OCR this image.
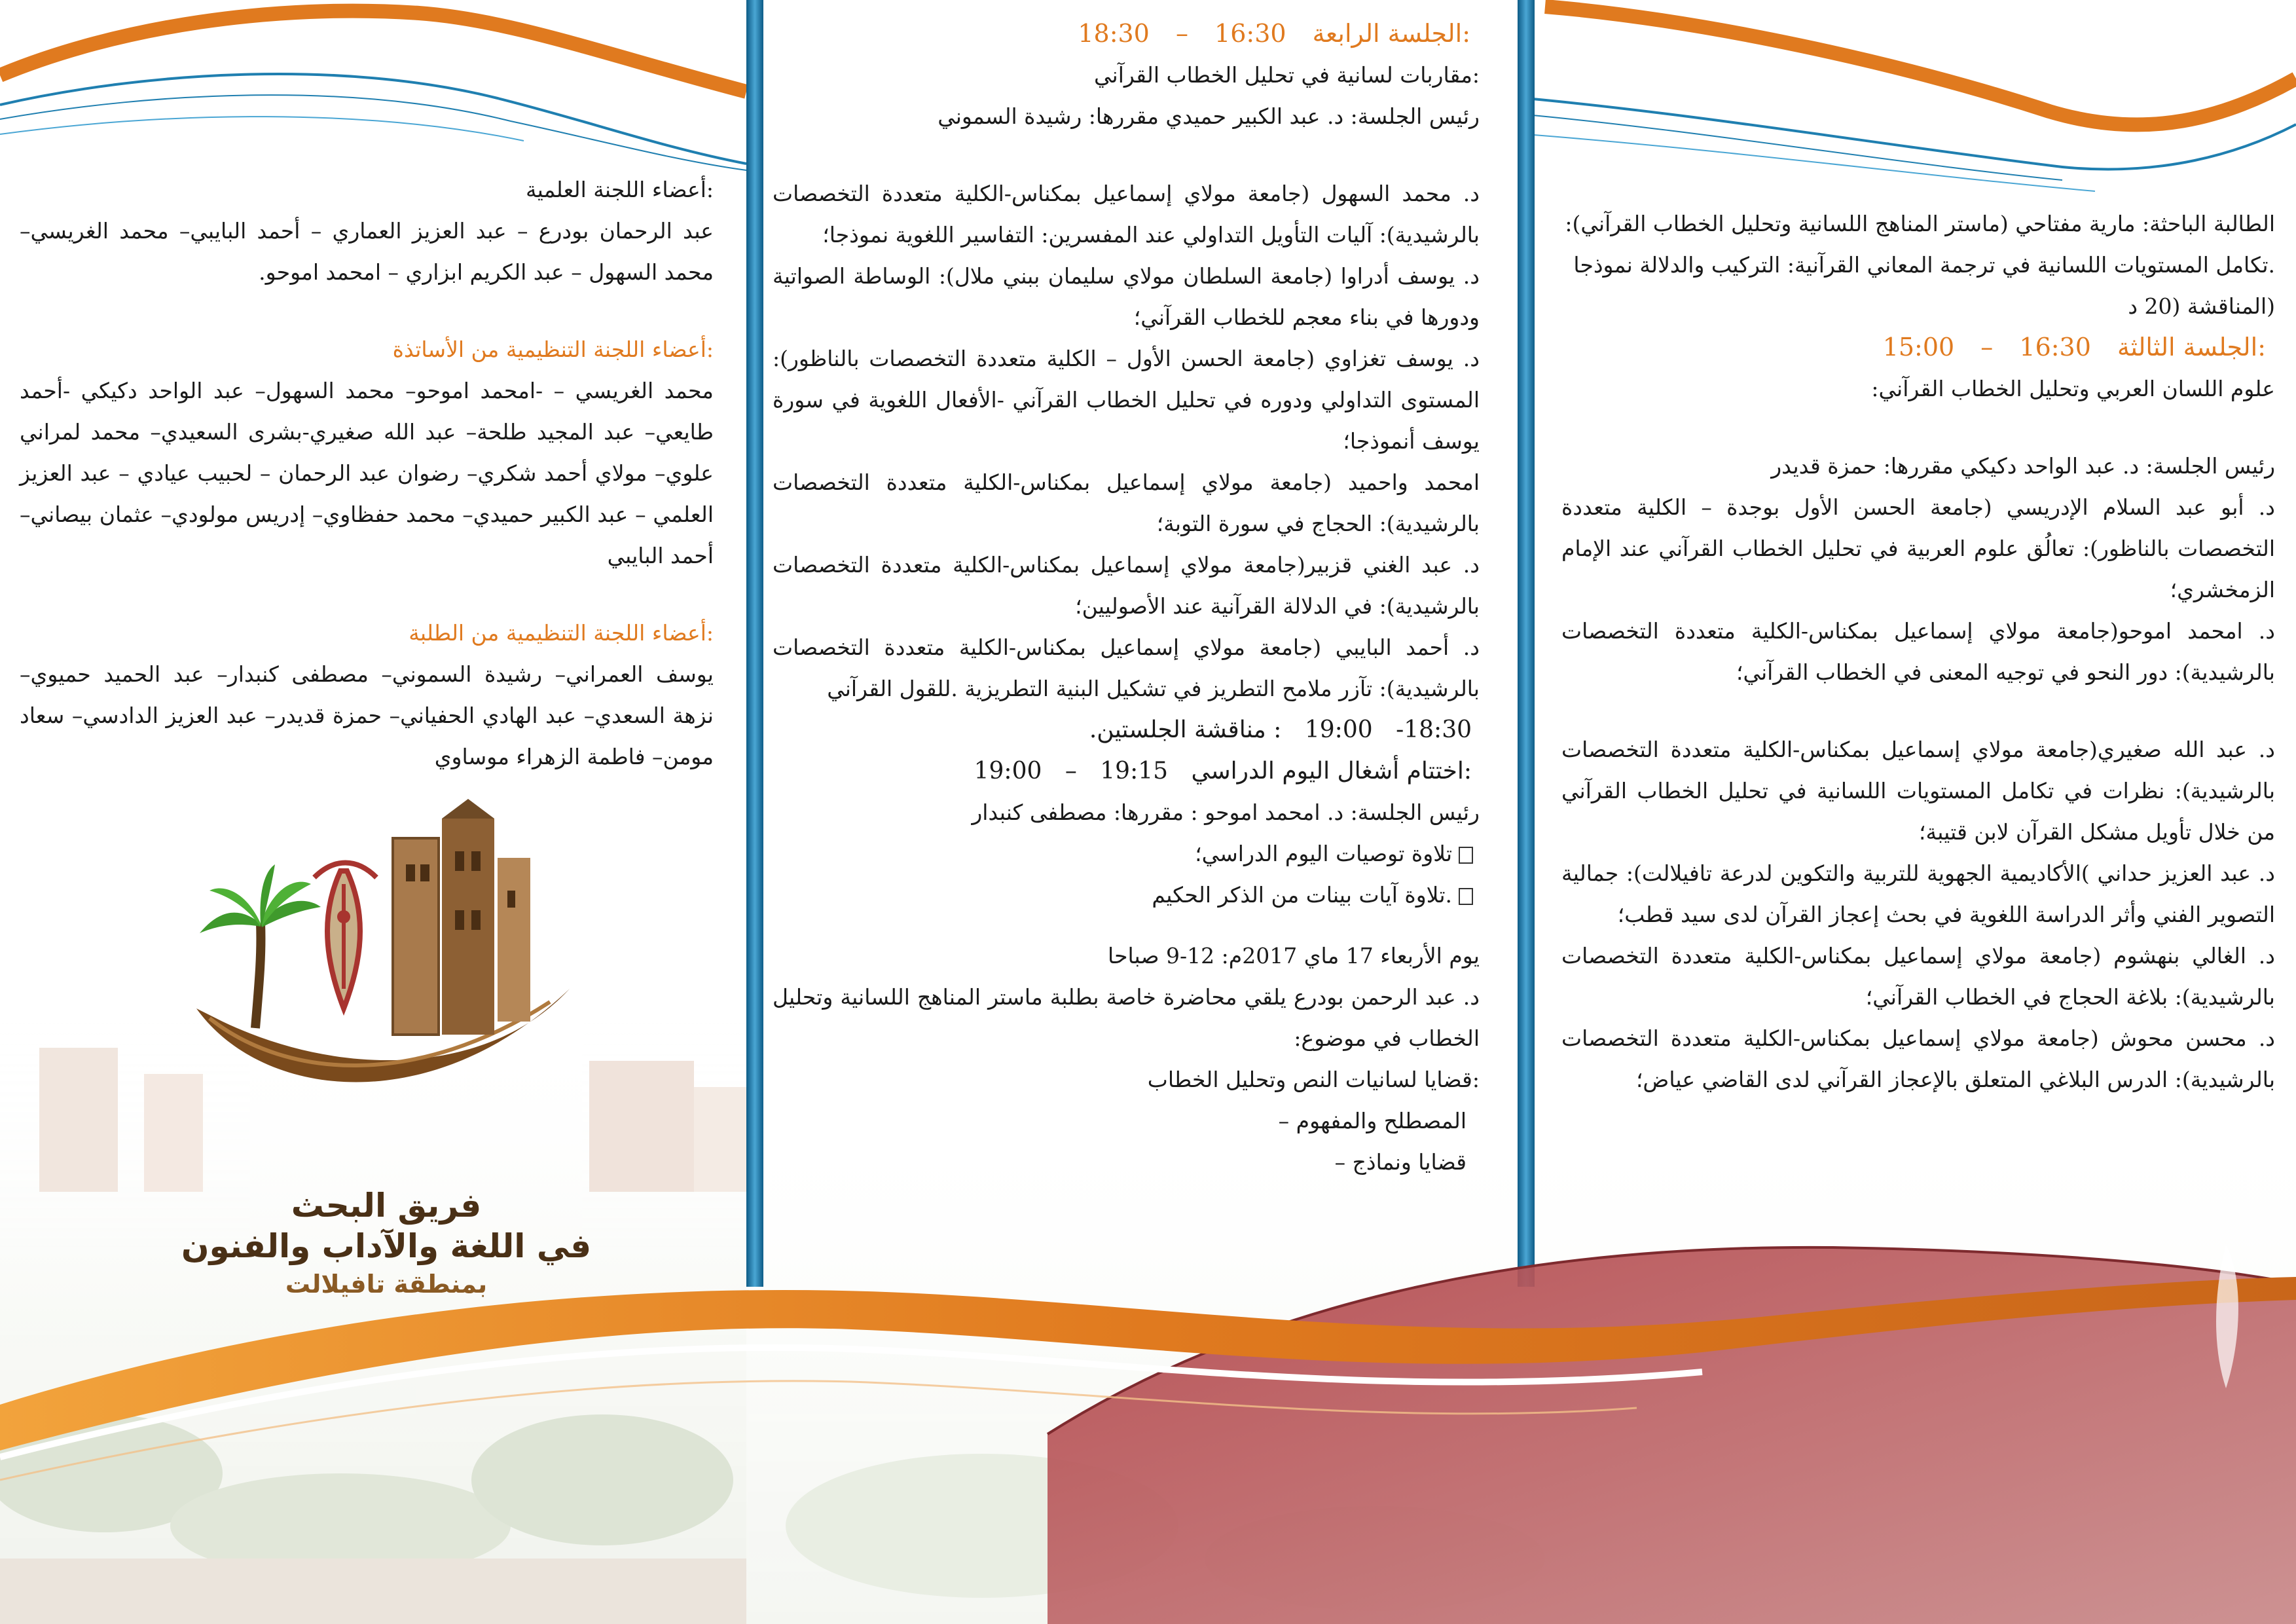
:أعضاء اللجنة العلمية

عبد الرحمان بودرع – عبد العزيز العماري – أحمد البايبي– محمد الغريسي– محمد السهول – عبد الكريم ابزاري – امحمد اموحو.

:أعضاء اللجنة التنظيمية من الأساتذة

محمد الغريسي – -امحمد اموحو– محمد السهول– عبد الواحد دكيكي -أحمد طايعي– عبد المجيد طلحة– عبد الله صغيري-بشرى السعيدي– محمد لمراني علوي– مولاي أحمد شكري– رضوان عبد الرحمان – لحبيب عيادي – عبد العزيز العلمي – عبد الكبير حميدي– محمد حفظاوي– إدريس مولودي– عثمان بيصاني– أحمد البايبي

:أعضاء اللجنة التنظيمية من الطلبة

يوسف العمراني– رشيدة السموني– مصطفى كنبدار– عبد الحميد حميوي– نزهة السعدي– عبد الهادي الحفياني– حمزة قديدر– عبد العزيز الدادسي– سعاد مومن– فاطمة الزهراء موساوي

فريق البحث
في اللغة والآداب والفنون
بمنطقة تافيلالت

:الجلسة الرابعة 16:30 – 18:30

:مقاربات لسانية في تحليل الخطاب القرآني

رئيس الجلسة: د. عبد الكبير حميدي مقررها: رشيدة السموني

د. محمد السهول (جامعة مولاي إسماعيل بمكناس-الكلية متعددة التخصصات بالرشيدية): آليات التأويل التداولي عند المفسرين: التفاسير اللغوية نموذجا؛

د. يوسف أدراوا (جامعة السلطان مولاي سليمان ببني ملال): الوساطة الصواتية ودورها في بناء معجم للخطاب القرآني؛

د. يوسف تغزاوي (جامعة الحسن الأول – الكلية متعددة التخصصات بالناظور): المستوى التداولي ودوره في تحليل الخطاب القرآني -الأفعال اللغوية في سورة يوسف أنموذجا؛

امحمد واحميد (جامعة مولاي إسماعيل بمكناس-الكلية متعددة التخصصات بالرشيدية): الحجاج في سورة التوبة؛

د. عبد الغني قزبير(جامعة مولاي إسماعيل بمكناس-الكلية متعددة التخصصات بالرشيدية): في الدلالة القرآنية عند الأصوليين؛

د. أحمد البايبي (جامعة مولاي إسماعيل بمكناس-الكلية متعددة التخصصات بالرشيدية): تآزر ملامح التطريز في تشكيل البنية التطريزية .للقول القرآني

18:30- 19:00 : مناقشة الجلستين.

:اختتام أشغال اليوم الدراسي 19:15 – 19:00

رئيس الجلسة: د. امحمد اموحو : مقررها: مصطفى كنبدار

تلاوة توصيات اليوم الدراسي؛

.تلاوة آيات بينات من الذكر الحكيم

يوم الأربعاء 17 ماي 2017م: 12-9 صباحا

د. عبد الرحمن بودرع يلقي محاضرة خاصة بطلبة ماستر المناهج اللسانية وتحليل الخطاب في موضوع:

:قضايا لسانيات النص وتحليل الخطاب

المصطلح والمفهوم –

قضايا ونماذج –

الطالبة الباحثة: مارية مفتاحي (ماستر المناهج اللسانية وتحليل الخطاب القرآني):

.تكامل المستويات اللسانية في ترجمة المعاني القرآنية: التركيب والدلالة نموذجا

(المناقشة (20 د

:الجلسة الثالثة 16:30 – 15:00

علوم اللسان العربي وتحليل الخطاب القرآني:

رئيس الجلسة: د. عبد الواحد دكيكي مقررها: حمزة قديدر

د. أبو عبد السلام الإدريسي (جامعة الحسن الأول بوجدة – الكلية متعددة التخصصات بالناظور): تعالُق علوم العربية في تحليل الخطاب القرآني عند الإمام الزمخشري؛

د. امحمد اموحو(جامعة مولاي إسماعيل بمكناس-الكلية متعددة التخصصات بالرشيدية): دور النحو في توجيه المعنى في الخطاب القرآني؛

د. عبد الله صغيري(جامعة مولاي إسماعيل بمكناس-الكلية متعددة التخصصات بالرشيدية): نظرات في تكامل المستويات اللسانية في تحليل الخطاب القرآني من خلال تأويل مشكل القرآن لابن قتيبة؛

د. عبد العزيز حداني )الأكاديمية الجهوية للتربية والتكوين لدرعة تافيلالت): جمالية التصوير الفني وأثر الدراسة اللغوية في بحث إعجاز القرآن لدى سيد قطب؛

د. الغالي بنهشوم (جامعة مولاي إسماعيل بمكناس-الكلية متعددة التخصصات بالرشيدية): بلاغة الحجاج في الخطاب القرآني؛

د. محسن محوش (جامعة مولاي إسماعيل بمكناس-الكلية متعددة التخصصات بالرشيدية): الدرس البلاغي المتعلق بالإعجاز القرآني لدى القاضي عياض؛
